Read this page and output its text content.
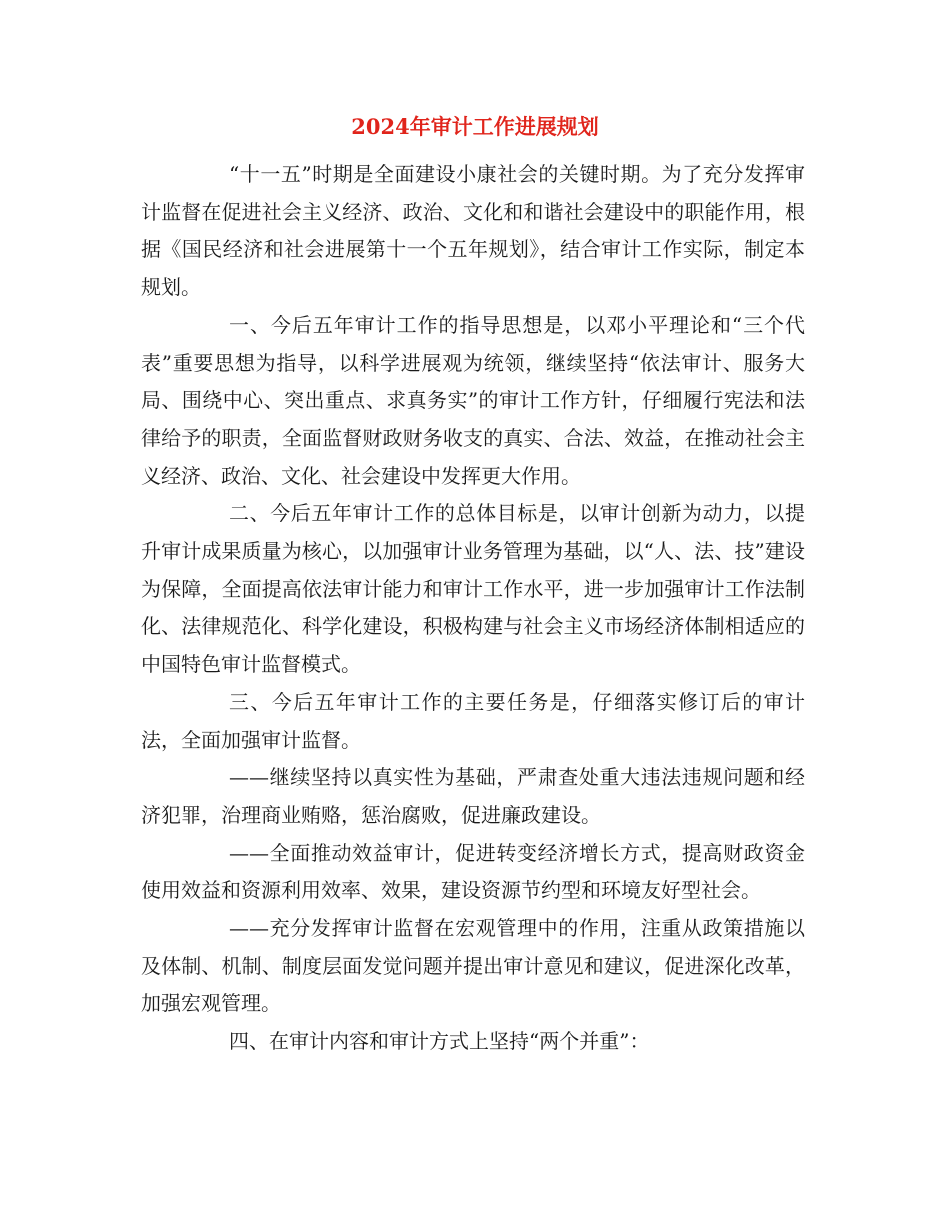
2024年审计工作进展规划

“十一五”时期是全面建设小康社会的关键时期。为了充分发挥审计监督在促进社会主义经济、政治、文化和和谐社会建设中的职能作用，根据《国民经济和社会进展第十一个五年规划》，结合审计工作实际，制定本规划。

一、今后五年审计工作的指导思想是，以邓小平理论和“三个代表”重要思想为指导，以科学进展观为统领，继续坚持“依法审计、服务大局、围绕中心、突出重点、求真务实”的审计工作方针，仔细履行宪法和法律给予的职责，全面监督财政财务收支的真实、合法、效益，在推动社会主义经济、政治、文化、社会建设中发挥更大作用。

二、今后五年审计工作的总体目标是，以审计创新为动力，以提升审计成果质量为核心，以加强审计业务管理为基础，以“人、法、技”建设为保障，全面提高依法审计能力和审计工作水平，进一步加强审计工作法制化、法律规范化、科学化建设，积极构建与社会主义市场经济体制相适应的中国特色审计监督模式。

三、今后五年审计工作的主要任务是，仔细落实修订后的审计法，全面加强审计监督。

——继续坚持以真实性为基础，严肃查处重大违法违规问题和经济犯罪，治理商业贿赂，惩治腐败，促进廉政建设。

——全面推动效益审计，促进转变经济增长方式，提高财政资金使用效益和资源利用效率、效果，建设资源节约型和环境友好型社会。

——充分发挥审计监督在宏观管理中的作用，注重从政策措施以及体制、机制、制度层面发觉问题并提出审计意见和建议，促进深化改革，加强宏观管理。

四、在审计内容和审计方式上坚持“两个并重”：
